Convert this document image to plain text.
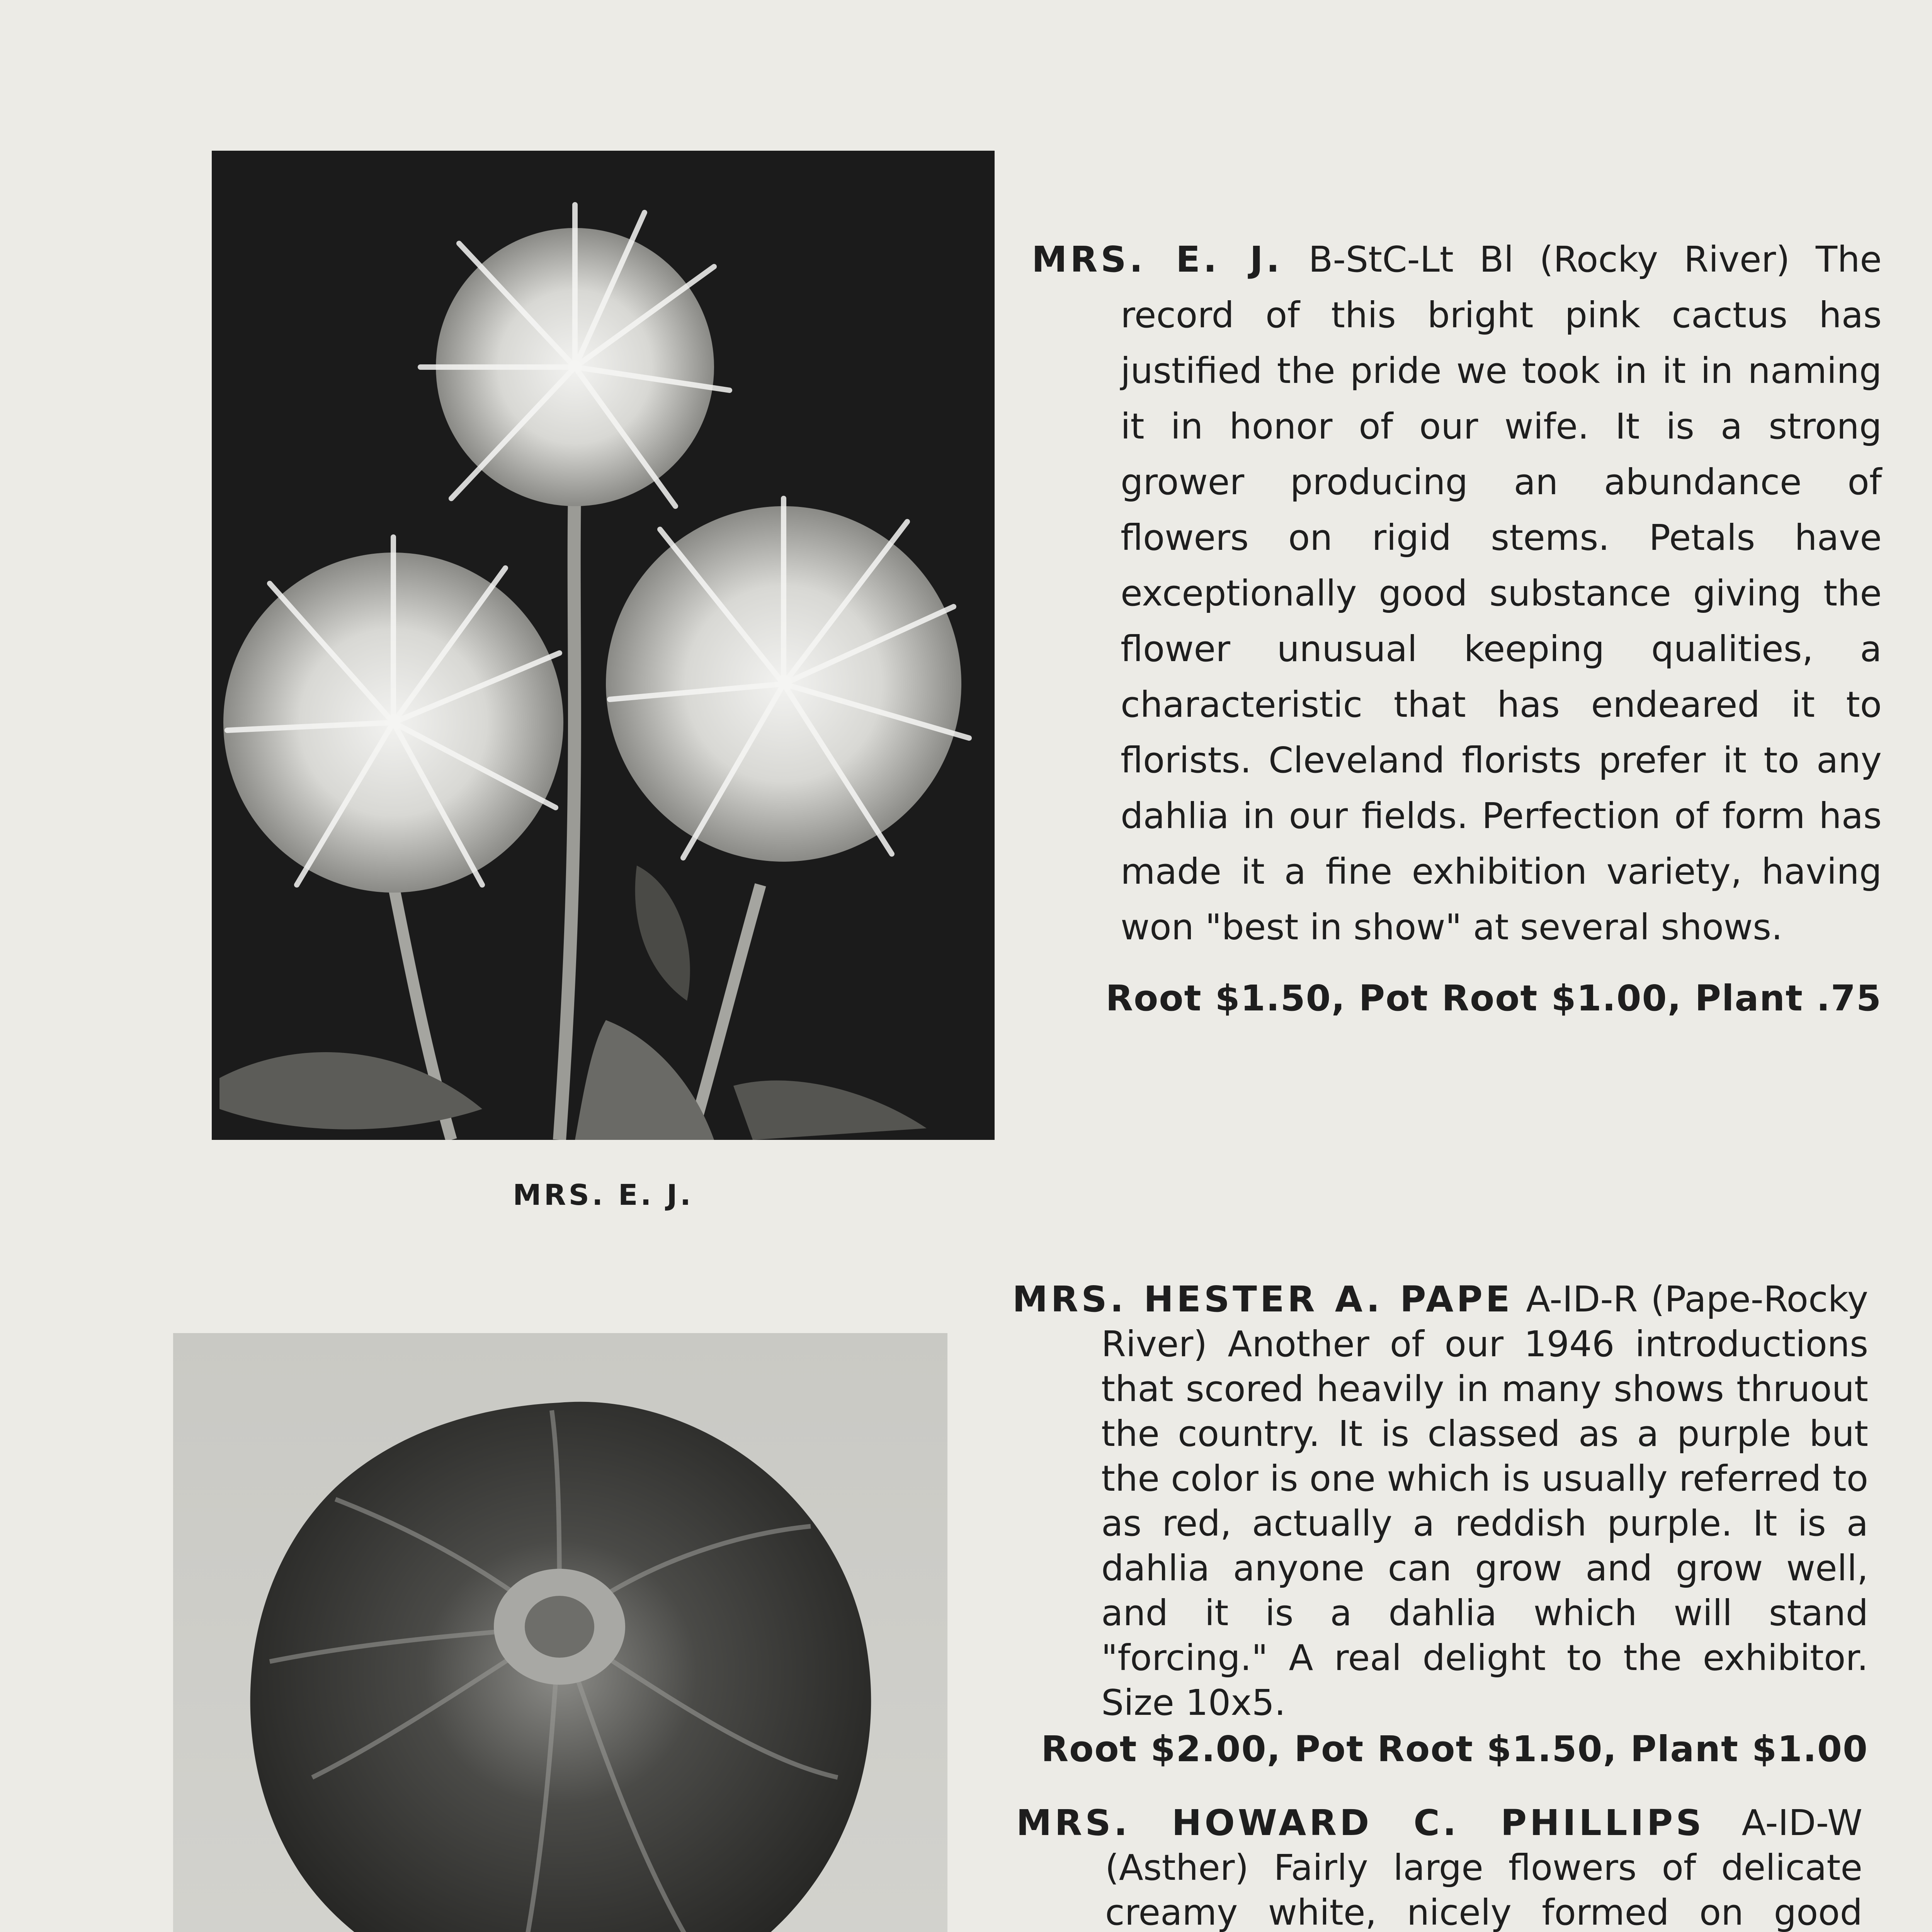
MRS. E. J.
MRS. E. J. B-StC-Lt Bl (Rocky River) The record of this bright pink cactus has justified the pride we took in it in naming it in honor of our wife. It is a strong grower producing an abundance of flowers on rigid stems. Petals have exceptionally good substance giving the flower unusual keeping qualities, a characteristic that has endeared it to florists. Cleveland florists prefer it to any dahlia in our fields. Perfection of form has made it a fine exhibition variety, having won "best in show" at several shows.
Root $1.50, Pot Root $1.00, Plant .75
MRS. HESTER A. PAPE A-ID-R (Pape-Rocky River) Another of our 1946 introductions that scored heavily in many shows thruout the country. It is classed as a purple but the color is one which is usually referred to as red, actually a reddish purple. It is a dahlia anyone can grow and grow well, and it is a dahlia which will stand "forcing." A real delight to the exhibitor. Size 10x5.
Root $2.00, Pot Root $1.50, Plant $1.00
MRS. HOWARD C. PHILLIPS A-ID-W (Asther) Fairly large flowers of delicate creamy white, nicely formed on good
